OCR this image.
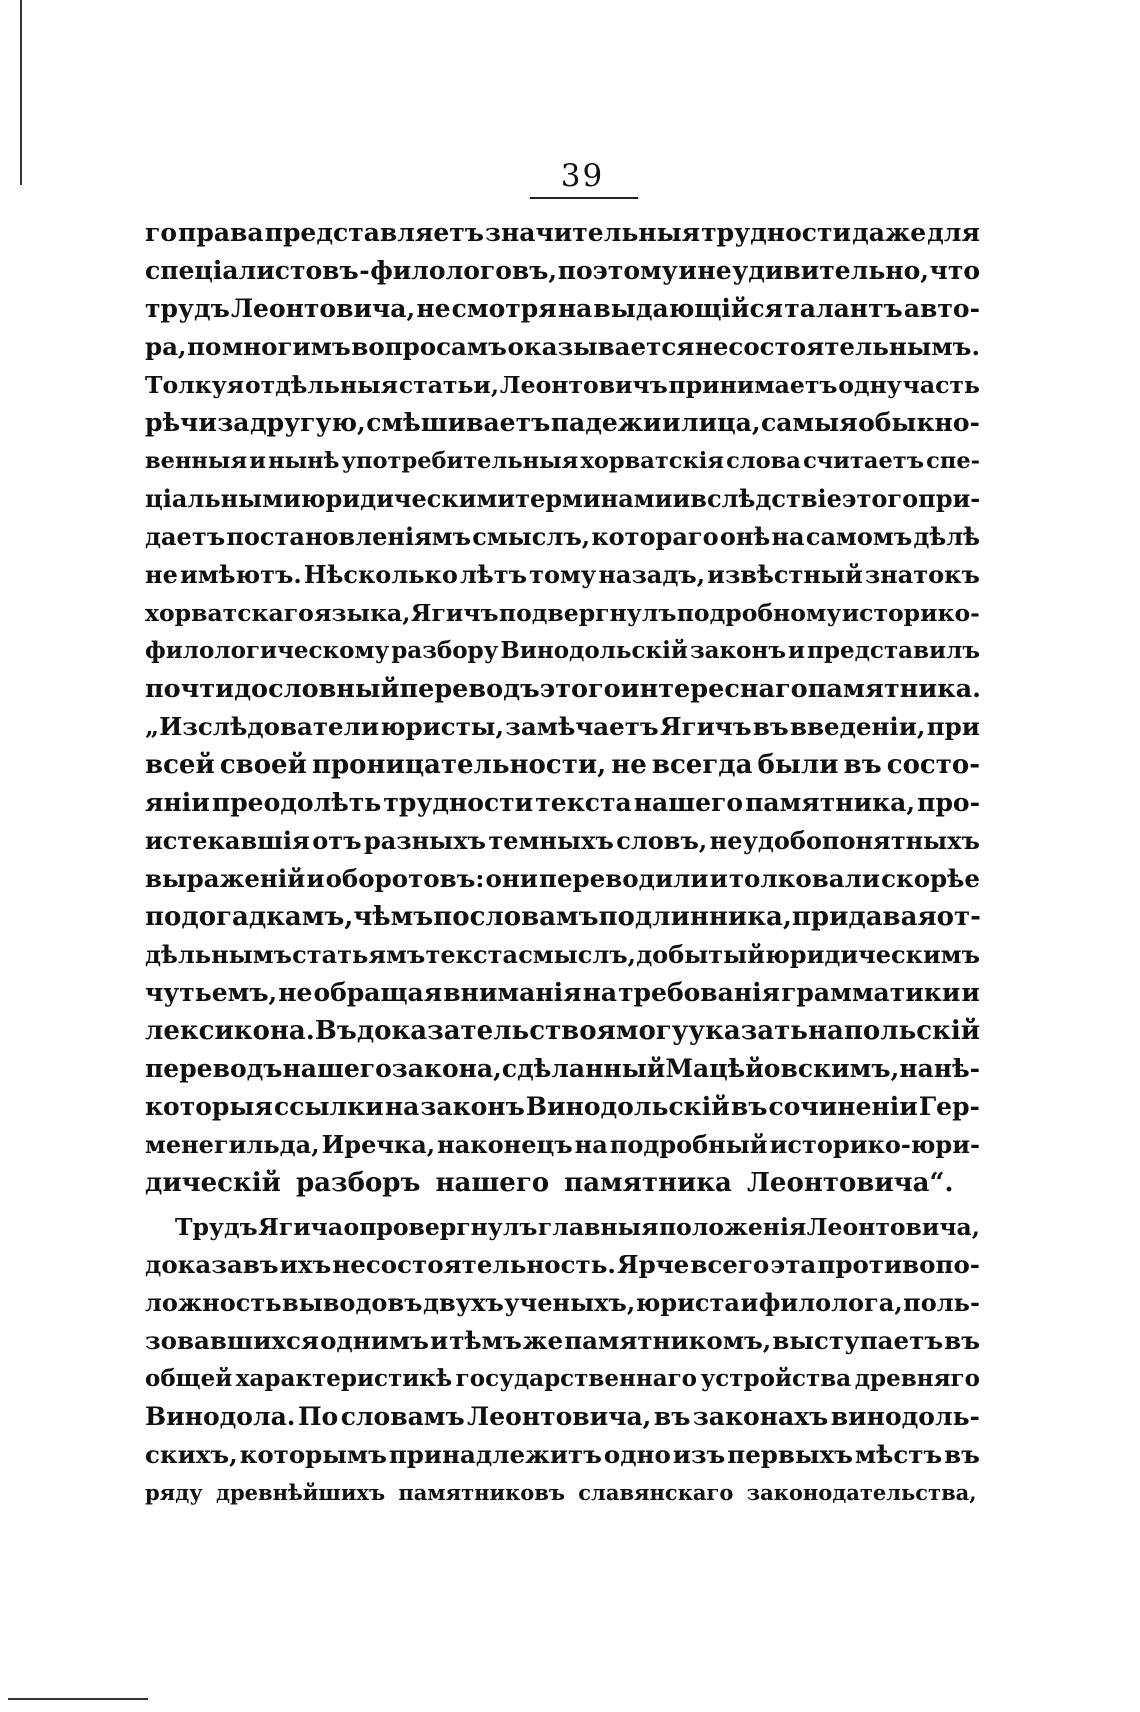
39
го права представляетъ значительныя трудности даже для
спеціалистовъ - филологовъ, поэтому и не удивительно, что
трудъ Леонтовича, не смотря на выдающійся талантъ авто-
ра, по многимъ вопросамъ оказывается несостоятельнымъ.
Толкуя отдѣльныя статьи, Леонтовичъ принимаетъ одну часть
рѣчи за другую, смѣшиваетъ падежи и лица, самыя обыкно-
венныя и нынѣ употребительныя хорватскія слова считаетъ спе-
ціальными юридическими терминами и вслѣдствіе этого при-
даетъ постановленіямъ смыслъ, котораго онѣ на самомъ дѣлѣ
не имѣютъ. Нѣсколько лѣтъ тому назадъ, извѣстный знатокъ
хорватскаго языка, Ягичъ подвергнулъ подробному историко-
филологическому разбору Винодольскій законъ и представилъ
почти дословный переводъ этого интереснаго памятника.
„Изслѣдователи юристы, замѣчаетъ Ягичъ въ введеніи, при
всей своей проницательности, не всегда были въ состо-
яніи преодолѣть трудности текста нашего памятника, про-
истекавшія отъ разныхъ темныхъ словъ, неудобопонятныхъ
выраженій и оборотовъ: они переводили и толковали скорѣе
по догадкамъ, чѣмъ по словамъ подлинника, придавая от-
дѣльнымъ статьямъ текста смыслъ, добытый юридическимъ
чутьемъ, не обращая вниманія на требованія грамматики и
лексикона. Въ доказательство я могу указать на польскій
переводъ нашего закона, сдѣланный Мацѣйовскимъ, на нѣ-
которыя ссылки на законъ Винодольскій въ сочиненіи Гер-
менегильда, Иречка, наконецъ на подробный историко-юри-
дическій разборъ нашего памятника Леонтовича“.
Трудъ Ягича опровергнулъ главныя положенія Леонтовича,
доказавъ ихъ несостоятельность. Ярче всего эта противопо-
ложность выводовъ двухъ ученыхъ, юриста и филолога, поль-
зовавшихся однимъ и тѣмъ же памятникомъ, выступаетъ въ
общей характеристикѣ государственнаго устройства древняго
Винодола. По словамъ Леонтовича, въ законахъ винодоль-
скихъ, которымъ принадлежитъ одно изъ первыхъ мѣстъ въ
ряду древнѣйшихъ памятниковъ славянскаго законодательства,
